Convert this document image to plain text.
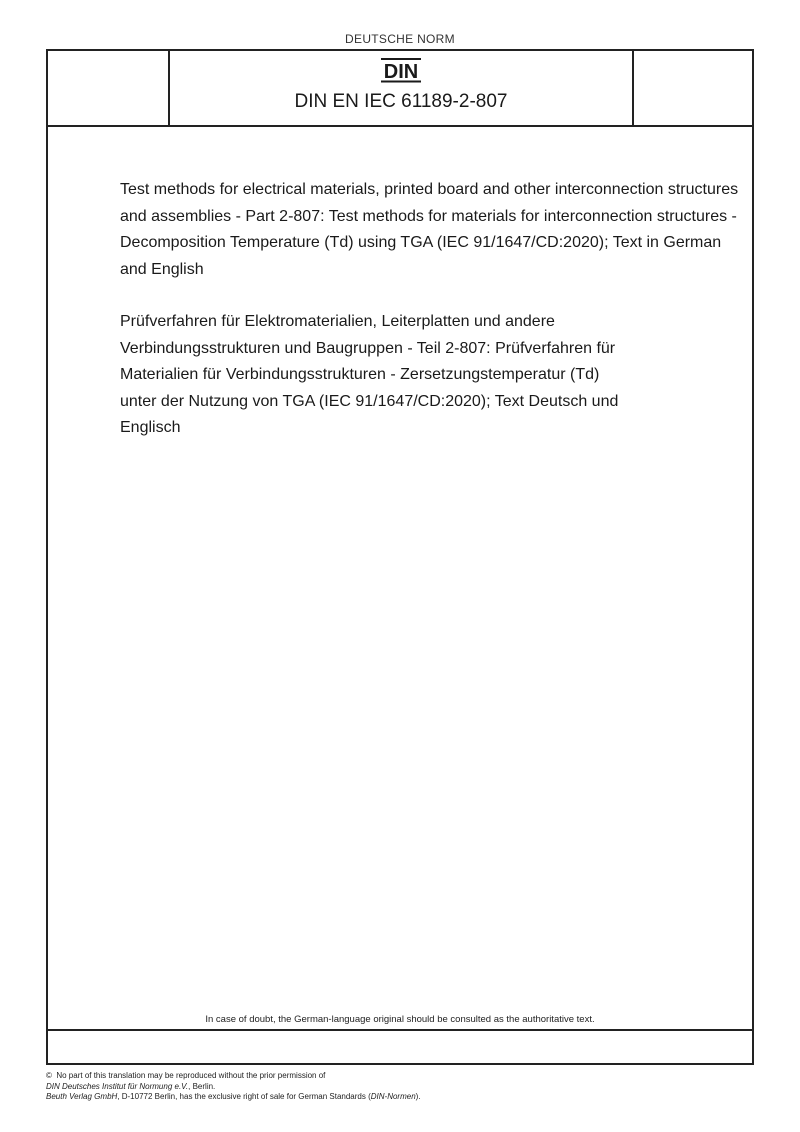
DEUTSCHE NORM
DIN
DIN EN IEC 61189-2-807

Test methods for electrical materials, printed board and other interconnection structures and assemblies - Part 2-807: Test methods for materials for interconnection structures - Decomposition Temperature (Td) using TGA (IEC 91/1647/CD:2020); Text in German and English

Prüfverfahren für Elektromaterialien, Leiterplatten und andere Verbindungsstrukturen und Baugruppen - Teil 2-807: Prüfverfahren für Materialien für Verbindungsstrukturen - Zersetzungstemperatur (Td) unter der Nutzung von TGA (IEC 91/1647/CD:2020); Text Deutsch und Englisch

In case of doubt, the German-language original should be consulted as the authoritative text.
© No part of this translation may be reproduced without the prior permission of
DIN Deutsches Institut für Normung e.V., Berlin.
Beuth Verlag GmbH, D-10772 Berlin, has the exclusive right of sale for German Standards (DIN-Normen).
